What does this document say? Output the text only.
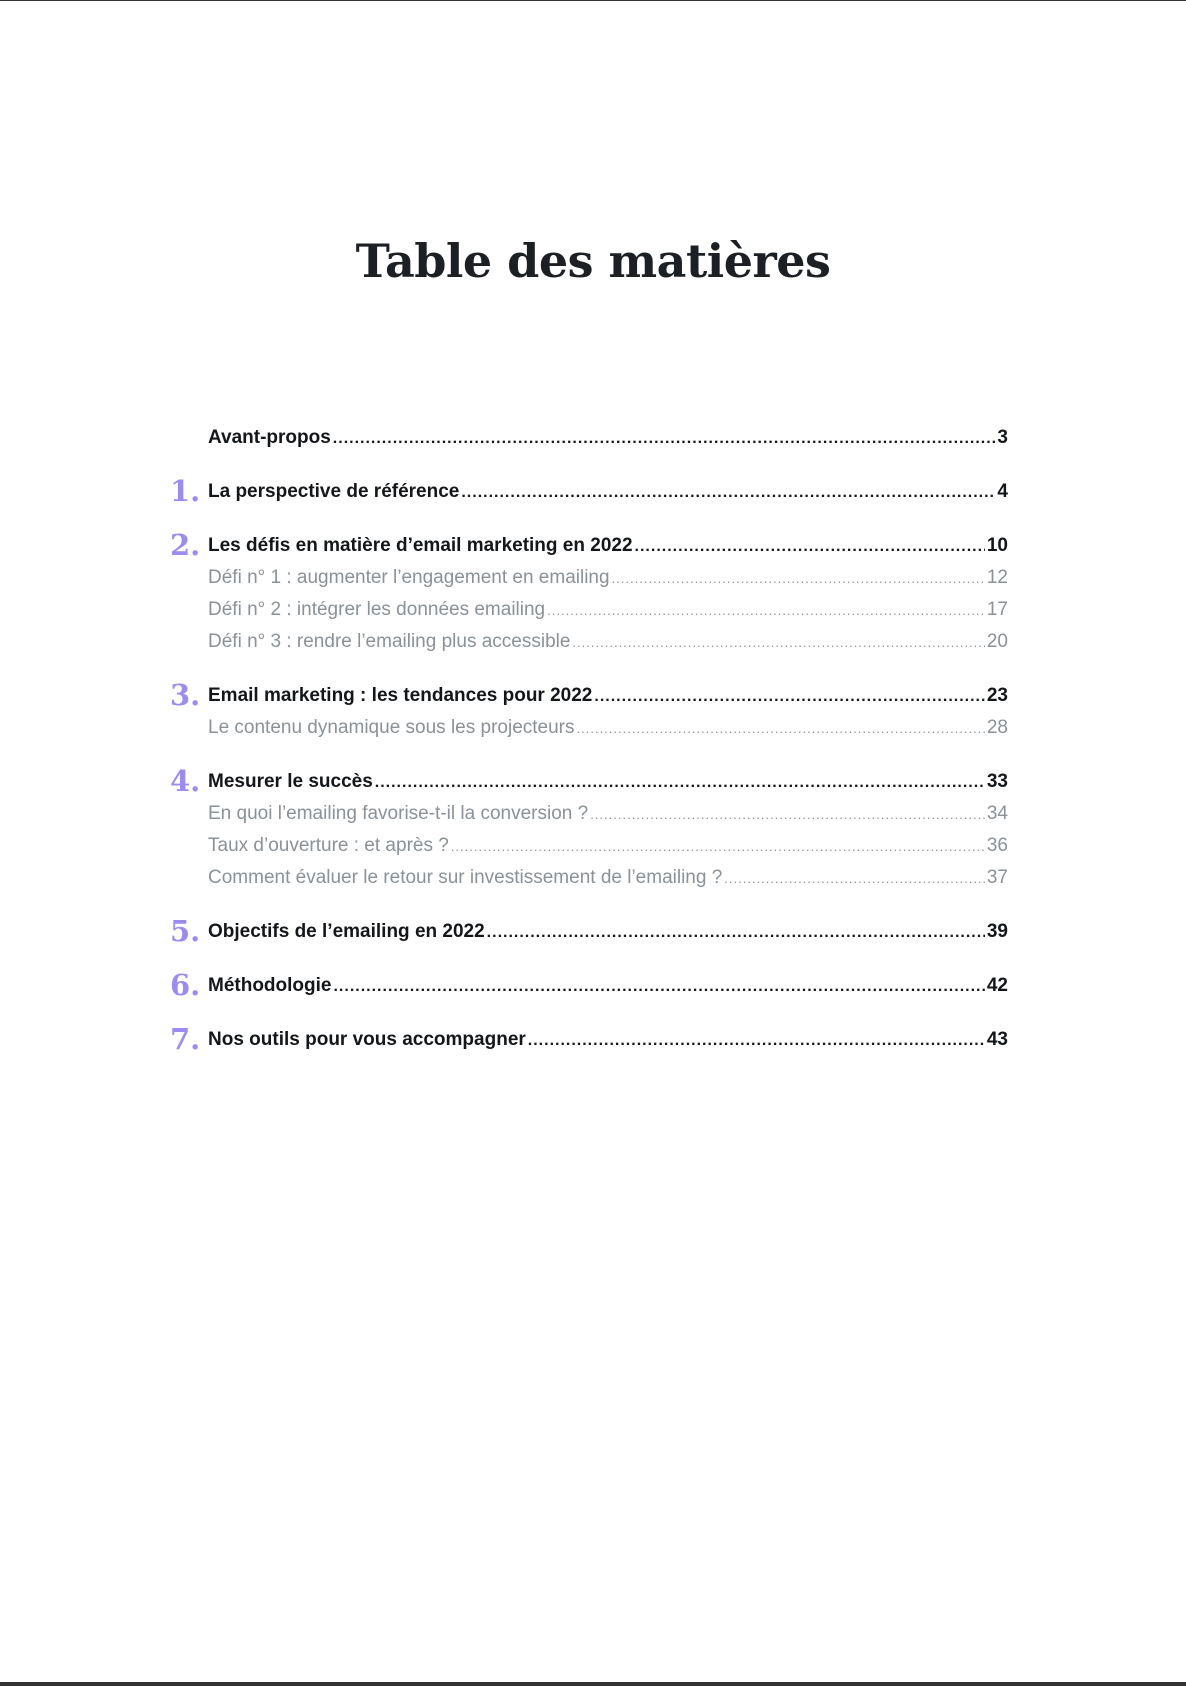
Table des matières
Avant-propos .....	3
1. La perspective de référence .....	4
2. Les défis en matière d’email marketing en 2022 .....	10
Défi n° 1 : augmenter l’engagement en emailing .....	12
Défi n° 2 : intégrer les données emailing .....	17
Défi n° 3 : rendre l’emailing plus accessible .....	20
3. Email marketing : les tendances pour 2022 .....	23
Le contenu dynamique sous les projecteurs .....	28
4. Mesurer le succès .....	33
En quoi l’emailing favorise-t-il la conversion ? .....	34
Taux d’ouverture : et après ? .....	36
Comment évaluer le retour sur investissement de l’emailing ? .....	37
5. Objectifs de l’emailing en 2022 .....	39
6. Méthodologie .....	42
7. Nos outils pour vous accompagner .....	43
